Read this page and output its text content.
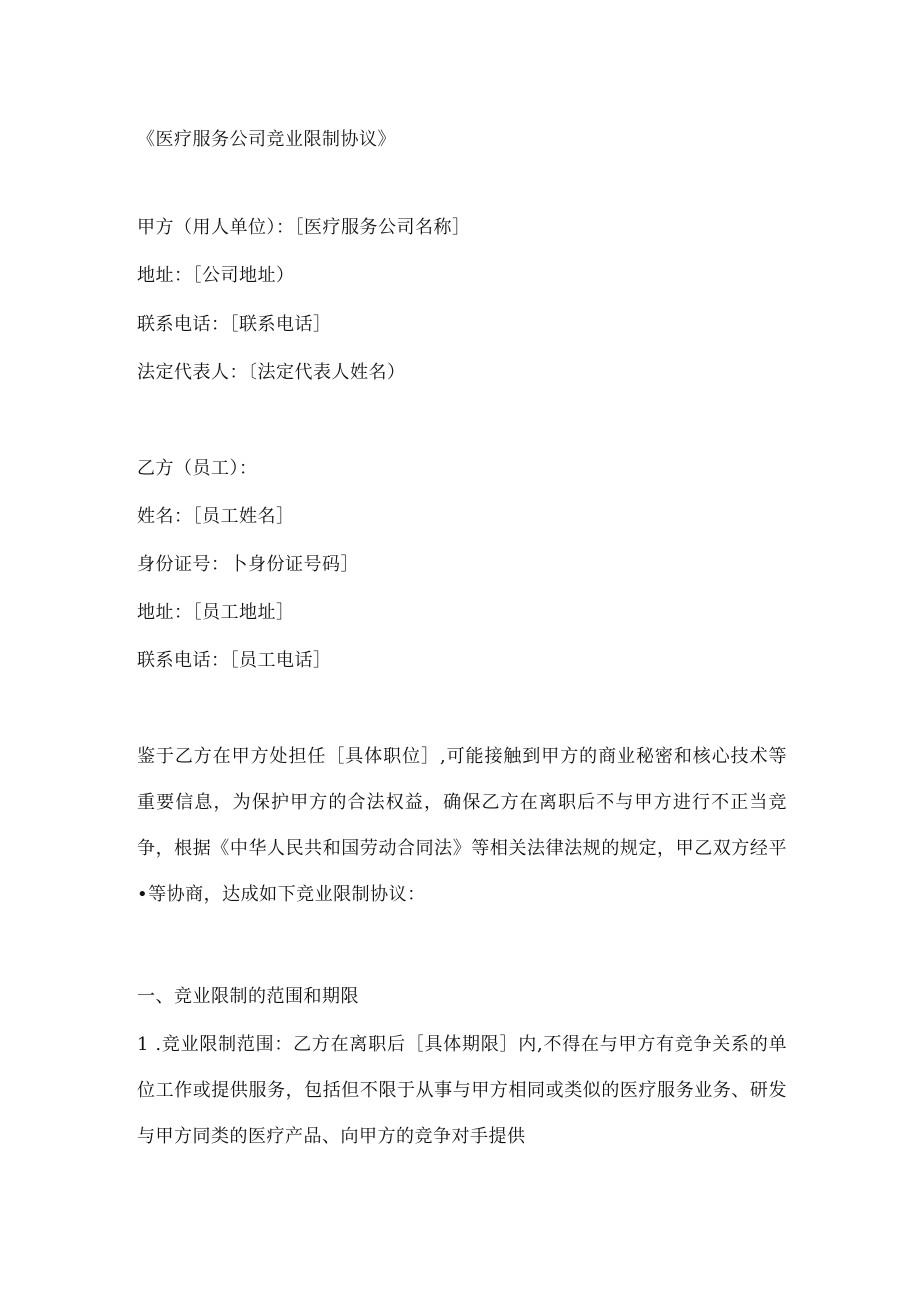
《医疗服务公司竞业限制协议》
甲方（用人单位）：［医疗服务公司名称］
地址：［公司地址）
联系电话：［联系电话］
法定代表人：〔法定代表人姓名）
乙方（员工）：
姓名：［员工姓名］
身份证号：卜身份证号码］
地址：［员工地址］
联系电话：［员工电话］

鉴于乙方在甲方处担任［具体职位］,可能接触到甲方的商业秘密和核心技术等重要信息，为保护甲方的合法权益，确保乙方在离职后不与甲方进行不正当竞争，根据《中华人民共和国劳动合同法》等相关法律法规的规定，甲乙双方经平•等协商，达成如下竞业限制协议：

一、竞业限制的范围和期限

1 .竞业限制范围：乙方在离职后［具体期限］内,不得在与甲方有竞争关系的单位工作或提供服务，包括但不限于从事与甲方相同或类似的医疗服务业务、研发与甲方同类的医疗产品、向甲方的竞争对手提供
